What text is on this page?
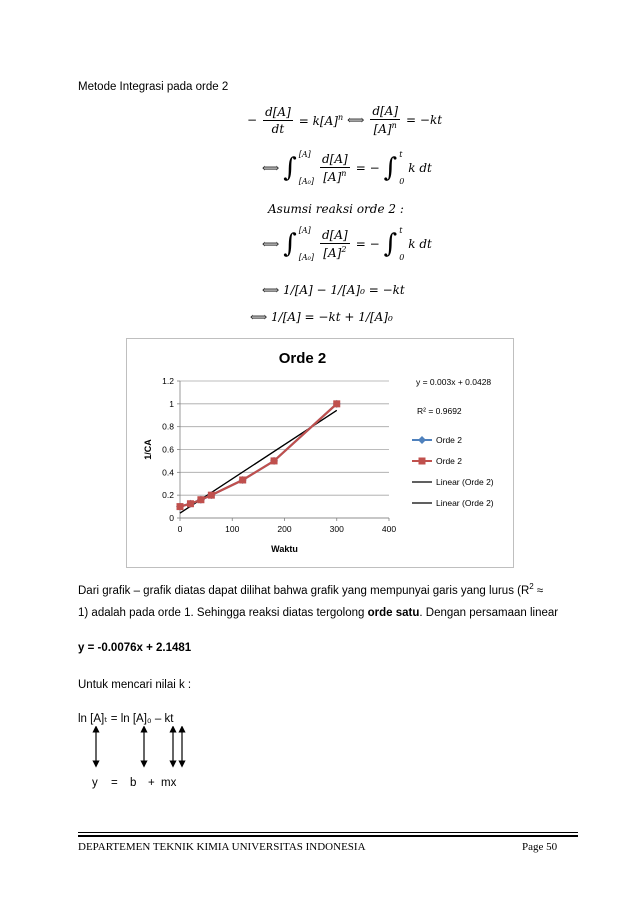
Metode Integrasi pada orde 2
− $\frac{d[A]}{dt} = k[A]^n$ ⟺ $\frac{d[A]}{[A]^n} = -kt$
⟺ ∫ [A]
$[A_0] \frac{d[A]}{[A]^n}$ = − ∫ t
0
k dt
Asumsi reaksi orde 2 :
⟺ ∫ [A]
$[A_0] \frac{d[A]}{[A]^2}$ = − ∫ t
0
k dt
⟺ 1/[A] − 1/[A]₀ = −kt
⟺ 1/[A] = −kt + 1/[A]₀
Orde 2
0
0.2
0.4
0.6
0.8
1
1.2
0	100	200	300	400
Waktu
1/CA
y = 0.003x + 0.0428
R² = 0.9692
Orde 2
Orde 2
Linear (Orde 2)
Linear (Orde 2)
Dari grafik – grafik diatas dapat dilihat bahwa grafik yang mempunyai garis yang lurus ($R^2$ ≈
1) adalah pada orde 1. Sehingga reaksi diatas tergolong orde satu. Dengan persamaan linear
y = -0.0076x + 2.1481
Untuk mencari nilai k :
ln [A]ₜ = ln [A]₀ – kt
y = b + mx
DEPARTEMEN TEKNIK KIMIA UNIVERSITAS INDONESIA	Page 50
